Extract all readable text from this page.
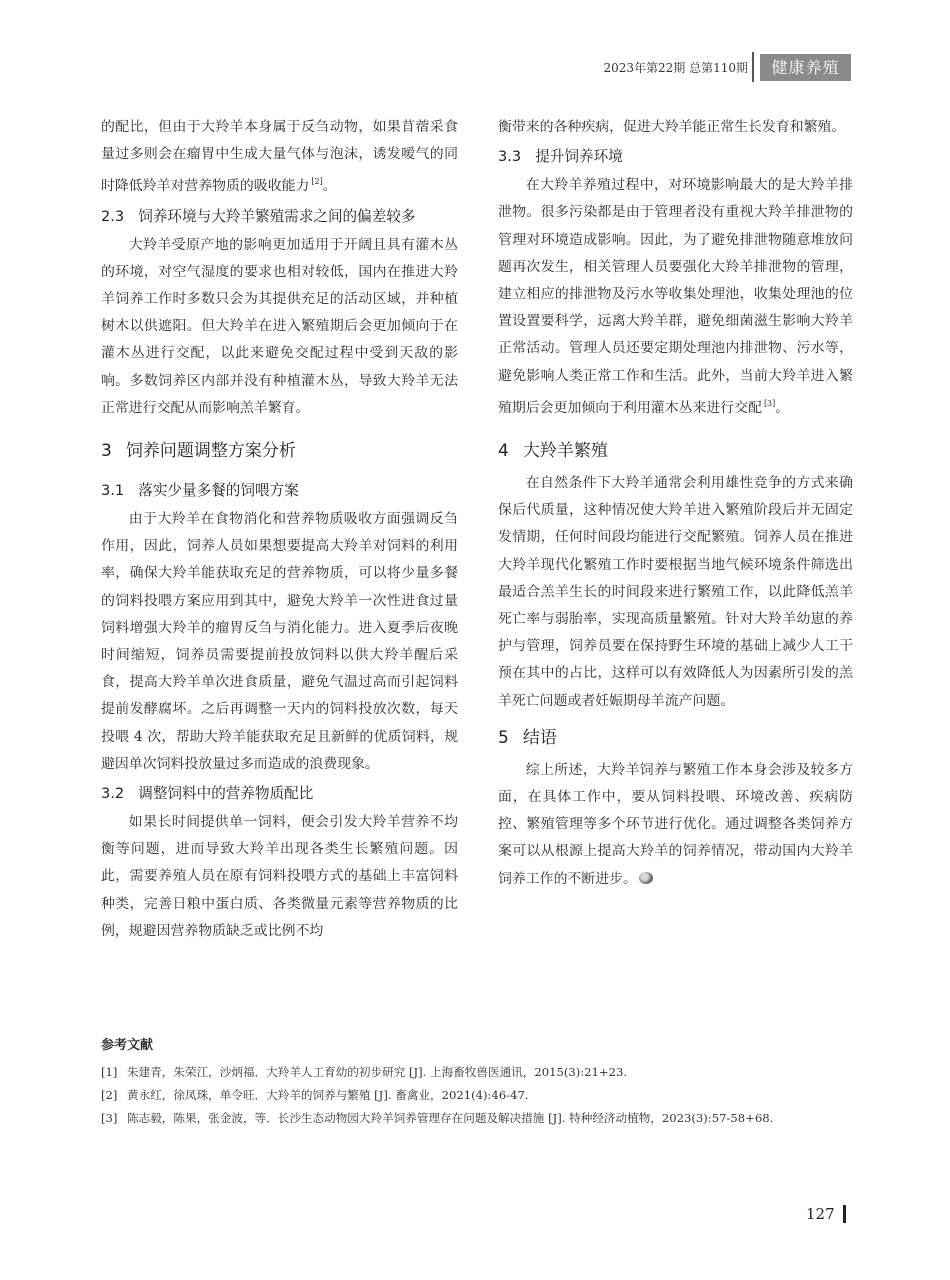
2023年第22期 总第110期	健康养殖

的配比，但由于大羚羊本身属于反刍动物，如果苜蓿采食量过多则会在瘤胃中生成大量气体与泡沫，诱发嗳气的同时降低羚羊对营养物质的吸收能力 [2]。

2.3 饲养环境与大羚羊繁殖需求之间的偏差较多

大羚羊受原产地的影响更加适用于开阔且具有灌木丛的环境，对空气湿度的要求也相对较低，国内在推进大羚羊饲养工作时多数只会为其提供充足的活动区域，并种植树木以供遮阳。但大羚羊在进入繁殖期后会更加倾向于在灌木丛进行交配，以此来避免交配过程中受到天敌的影响。多数饲养区内部并没有种植灌木丛，导致大羚羊无法正常进行交配从而影响羔羊繁育。

3 饲养问题调整方案分析
3.1 落实少量多餐的饲喂方案

由于大羚羊在食物消化和营养物质吸收方面强调反刍作用，因此，饲养人员如果想要提高大羚羊对饲料的利用率，确保大羚羊能获取充足的营养物质，可以将少量多餐的饲料投喂方案应用到其中，避免大羚羊一次性进食过量饲料增强大羚羊的瘤胃反刍与消化能力。进入夏季后夜晚时间缩短，饲养员需要提前投放饲料以供大羚羊醒后采食，提高大羚羊单次进食质量，避免气温过高而引起饲料提前发酵腐坏。之后再调整一天内的饲料投放次数，每天投喂 4 次，帮助大羚羊能获取充足且新鲜的优质饲料，规避因单次饲料投放量过多而造成的浪费现象。

3.2 调整饲料中的营养物质配比

如果长时间提供单一饲料，便会引发大羚羊营养不均衡等问题，进而导致大羚羊出现各类生长繁殖问题。因此，需要养殖人员在原有饲料投喂方式的基础上丰富饲料种类，完善日粮中蛋白质、各类微量元素等营养物质的比例，规避因营养物质缺乏或比例不均

衡带来的各种疾病，促进大羚羊能正常生长发育和繁殖。

3.3 提升饲养环境

在大羚羊养殖过程中，对环境影响最大的是大羚羊排泄物。很多污染都是由于管理者没有重视大羚羊排泄物的管理对环境造成影响。因此，为了避免排泄物随意堆放问题再次发生，相关管理人员要强化大羚羊排泄物的管理，建立相应的排泄物及污水等收集处理池，收集处理池的位置设置要科学，远离大羚羊群，避免细菌滋生影响大羚羊正常活动。管理人员还要定期处理池内排泄物、污水等，避免影响人类正常工作和生活。此外，当前大羚羊进入繁殖期后会更加倾向于利用灌木丛来进行交配 [3]。

4 大羚羊繁殖

在自然条件下大羚羊通常会利用雄性竞争的方式来确保后代质量，这种情况使大羚羊进入繁殖阶段后并无固定发情期，任何时间段均能进行交配繁殖。饲养人员在推进大羚羊现代化繁殖工作时要根据当地气候环境条件筛选出最适合羔羊生长的时间段来进行繁殖工作，以此降低羔羊死亡率与弱胎率，实现高质量繁殖。针对大羚羊幼崽的养护与管理，饲养员要在保持野生环境的基础上减少人工干预在其中的占比，这样可以有效降低人为因素所引发的羔羊死亡问题或者妊娠期母羊流产问题。

5 结语

综上所述，大羚羊饲养与繁殖工作本身会涉及较多方面，在具体工作中，要从饲料投喂、环境改善、疾病防控、繁殖管理等多个环节进行优化。通过调整各类饲养方案可以从根源上提高大羚羊的饲养情况，带动国内大羚羊饲养工作的不断进步。

参考文献
[1] 朱建青，朱荣江，沙炳福．大羚羊人工育幼的初步研究 [J]. 上海畜牧兽医通讯，2015(3):21+23.
[2] 黄永红，徐凤珠，单令旺．大羚羊的饲养与繁殖 [J]. 畜禽业，2021(4):46-47.
[3] 陈志毅，陈果，张金波，等．长沙生态动物园大羚羊饲养管理存在问题及解决措施 [J]. 特种经济动植物，2023(3):57-58+68.
127
